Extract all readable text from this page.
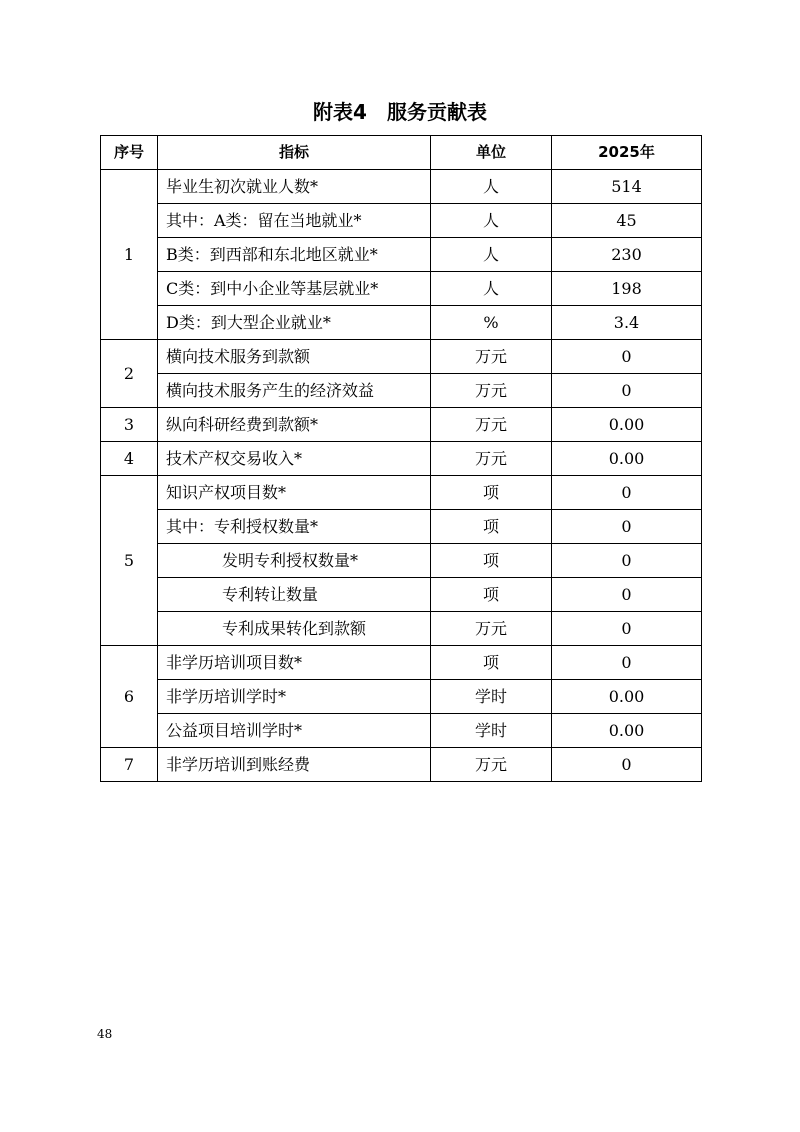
附表4　服务贡献表
序号	指标	单位	2025年
1	毕业生初次就业人数*	人	514
	其中：A类：留在当地就业*	人	45
	B类：到西部和东北地区就业*	人	230
	C类：到中小企业等基层就业*	人	198
	D类：到大型企业就业*	%	3.4
2	横向技术服务到款额	万元	0
	横向技术服务产生的经济效益	万元	0
3	纵向科研经费到款额*	万元	0.00
4	技术产权交易收入*	万元	0.00
5	知识产权项目数*	项	0
	其中：专利授权数量*	项	0
	发明专利授权数量*	项	0
	专利转让数量	项	0
	专利成果转化到款额	万元	0
6	非学历培训项目数*	项	0
	非学历培训学时*	学时	0.00
	公益项目培训学时*	学时	0.00
7	非学历培训到账经费	万元	0
48
